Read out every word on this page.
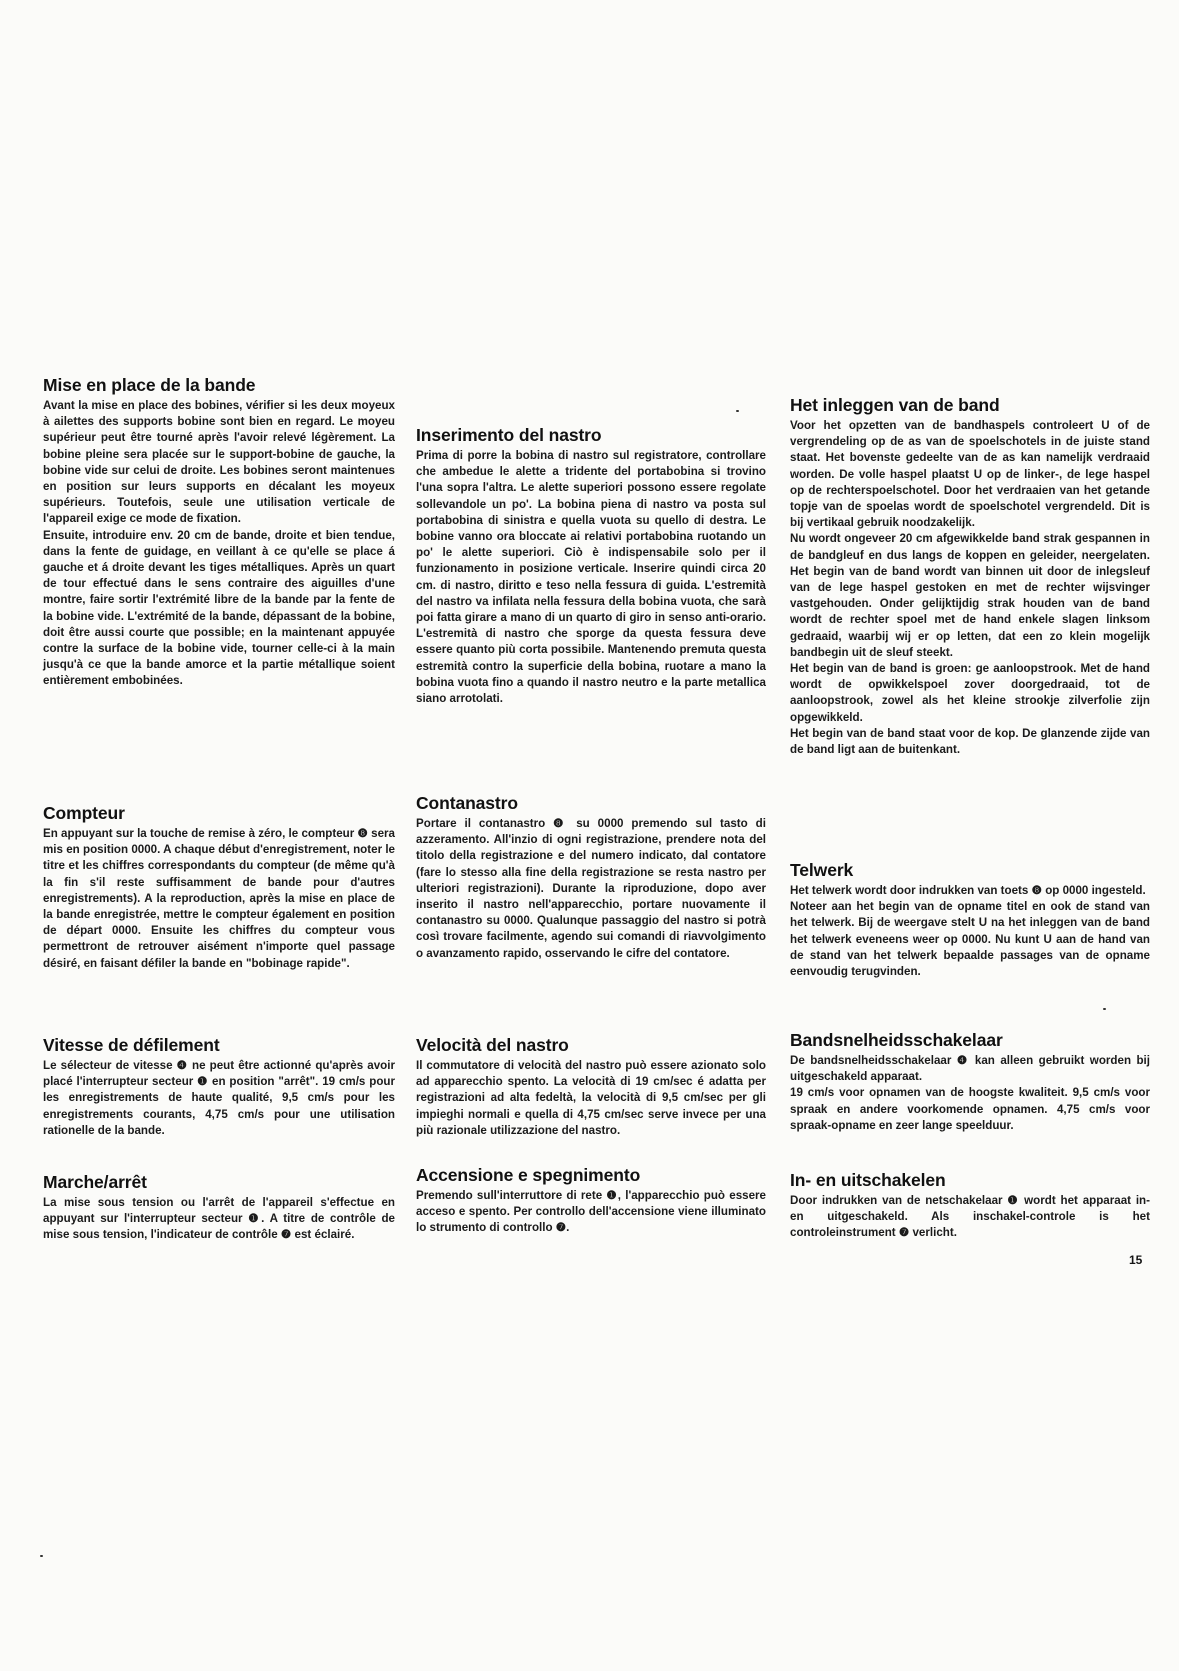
Mise en place de la bande

Avant la mise en place des bobines, vérifier si les deux moyeux à ailettes des supports bobine sont bien en regard. Le moyeu supérieur peut être tourné après l'avoir relevé légèrement. La bobine pleine sera placée sur le support-bobine de gauche, la bobine vide sur celui de droite. Les bobines seront maintenues en position sur leurs supports en décalant les moyeux supérieurs. Toutefois, seule une utilisation verticale de l'appareil exige ce mode de fixation.

Ensuite, introduire env. 20 cm de bande, droite et bien tendue, dans la fente de guidage, en veillant à ce qu'elle se place á gauche et á droite devant les tiges métalliques. Après un quart de tour effectué dans le sens contraire des aiguilles d'une montre, faire sortir l'extrémité libre de la bande par la fente de la bobine vide. L'extrémité de la bande, dépassant de la bobine, doit être aussi courte que possible; en la maintenant appuyée contre la surface de la bobine vide, tourner celle-ci à la main jusqu'à ce que la bande amorce et la partie métallique soient entièrement embobinées.

Compteur

En appuyant sur la touche de remise à zéro, le compteur ❽ sera mis en position 0000. A chaque début d'enregistrement, noter le titre et les chiffres correspondants du compteur (de même qu'à la fin s'il reste suffisamment de bande pour d'autres enregistrements). A la reproduction, après la mise en place de la bande enregistrée, mettre le compteur également en position de départ 0000. Ensuite les chiffres du compteur vous permettront de retrouver aisément n'importe quel passage désiré, en faisant défiler la bande en "bobinage rapide".

Vitesse de défilement

Le sélecteur de vitesse ❹ ne peut être actionné qu'après avoir placé l'interrupteur secteur ❶ en position "arrêt". 19 cm/s pour les enregistrements de haute qualité, 9,5 cm/s pour les enregistrements courants, 4,75 cm/s pour une utilisation rationelle de la bande.

Marche/arrêt

La mise sous tension ou l'arrêt de l'appareil s'effectue en appuyant sur l'interrupteur secteur ❶. A titre de contrôle de mise sous tension, l'indicateur de contrôle ❼ est éclairé.

Inserimento del nastro

Prima di porre la bobina di nastro sul registratore, controllare che ambedue le alette a tridente del portabobina si trovino l'una sopra l'altra. Le alette superiori possono essere regolate sollevandole un po'. La bobina piena di nastro va posta sul portabobina di sinistra e quella vuota su quello di destra. Le bobine vanno ora bloccate ai relativi portabobina ruotando un po' le alette superiori. Ciò è indispensabile solo per il funzionamento in posizione verticale. Inserire quindi circa 20 cm. di nastro, diritto e teso nella fessura di guida. L'estremità del nastro va infilata nella fessura della bobina vuota, che sarà poi fatta girare a mano di un quarto di giro in senso anti-orario. L'estremità di nastro che sporge da questa fessura deve essere quanto più corta possibile. Mantenendo premuta questa estremità contro la superficie della bobina, ruotare a mano la bobina vuota fino a quando il nastro neutro e la parte metallica siano arrotolati.

Contanastro

Portare il contanastro ❽ su 0000 premendo sul tasto di azzeramento. All'inzio di ogni registrazione, prendere nota del titolo della registrazione e del numero indicato, dal contatore (fare lo stesso alla fine della registrazione se resta nastro per ulteriori registrazioni). Durante la riproduzione, dopo aver inserito il nastro nell'apparecchio, portare nuovamente il contanastro su 0000. Qualunque passaggio del nastro si potrà così trovare facilmente, agendo sui comandi di riavvolgimento o avanzamento rapido, osservando le cifre del contatore.

Velocità del nastro

Il commutatore di velocità del nastro può essere azionato solo ad apparecchio spento. La velocità di 19 cm/sec é adatta per registrazioni ad alta fedeltà, la velocità di 9,5 cm/sec per gli impieghi normali e quella di 4,75 cm/sec serve invece per una più razionale utilizzazione del nastro.

Accensione e spegnimento

Premendo sull'interruttore di rete ❶, l'apparecchio può essere acceso e spento. Per controllo dell'accensione viene illuminato lo strumento di controllo ❼.

Het inleggen van de band

Voor het opzetten van de bandhaspels controleert U of de vergrendeling op de as van de spoelschotels in de juiste stand staat. Het bovenste gedeelte van de as kan namelijk verdraaid worden. De volle haspel plaatst U op de linker-, de lege haspel op de rechterspoelschotel. Door het verdraaien van het getande topje van de spoelas wordt de spoelschotel vergrendeld. Dit is bij vertikaal gebruik noodzakelijk.

Nu wordt ongeveer 20 cm afgewikkelde band strak gespannen in de bandgleuf en dus langs de koppen en geleider, neergelaten. Het begin van de band wordt van binnen uit door de inlegsleuf van de lege haspel gestoken en met de rechter wijsvinger vastgehouden. Onder gelijktijdig strak houden van de band wordt de rechter spoel met de hand enkele slagen linksom gedraaid, waarbij wij er op letten, dat een zo klein mogelijk bandbegin uit de sleuf steekt.

Het begin van de band is groen: ge aanloopstrook. Met de hand wordt de opwikkelspoel zover doorgedraaid, tot de aanloopstrook, zowel als het kleine strookje zilverfolie zijn opgewikkeld.

Het begin van de band staat voor de kop. De glanzende zijde van de band ligt aan de buitenkant.

Telwerk

Het telwerk wordt door indrukken van toets ❽ op 0000 ingesteld.

Noteer aan het begin van de opname titel en ook de stand van het telwerk. Bij de weergave stelt U na het inleggen van de band het telwerk eveneens weer op 0000. Nu kunt U aan de hand van de stand van het telwerk bepaalde passages van de opname eenvoudig terugvinden.

Bandsnelheidsschakelaar

De bandsnelheidsschakelaar ❹ kan alleen gebruikt worden bij uitgeschakeld apparaat.

19 cm/s voor opnamen van de hoogste kwaliteit. 9,5 cm/s voor spraak en andere voorkomende opnamen. 4,75 cm/s voor spraak-opname en zeer lange speelduur.

In- en uitschakelen

Door indrukken van de netschakelaar ❶ wordt het apparaat in- en uitgeschakeld. Als inschakel-controle is het controleinstrument ❼ verlicht.

15
